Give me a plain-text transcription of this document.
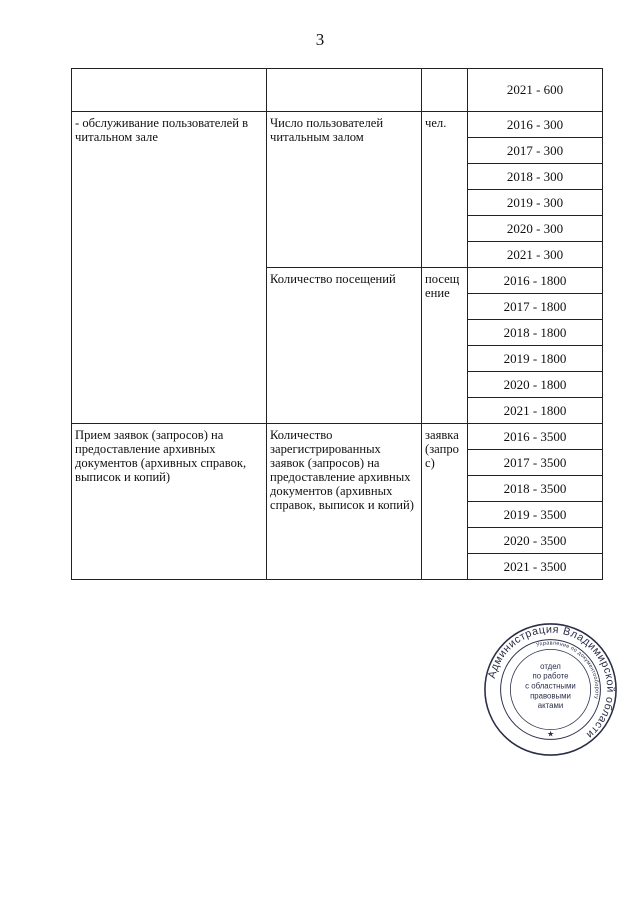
3
			2021 - 600
- обслуживание пользователей в читальном зале	Число пользователей читальным залом	чел.	2016 - 300
			2017 - 300
			2018 - 300
			2019 - 300
			2020 - 300
			2021 - 300
	Количество посещений	посещ ение	2016 - 1800
			2017 - 1800
			2018 - 1800
			2019 - 1800
			2020 - 1800
			2021 - 1800
Прием заявок (запросов) на предоставление архивных документов (архивных справок, выписок и копий)	Количество зарегистрированных заявок (запросов) на предоставление архивных документов (архивных справок, выписок и копий)	заявка (запро с)	2016 - 3500
			2017 - 3500
			2018 - 3500
			2019 - 3500
			2020 - 3500
			2021 - 3500
Администрация Владимирской области
Управление по документообороту
отдел
по работе
с областными
правовыми
актами
★
